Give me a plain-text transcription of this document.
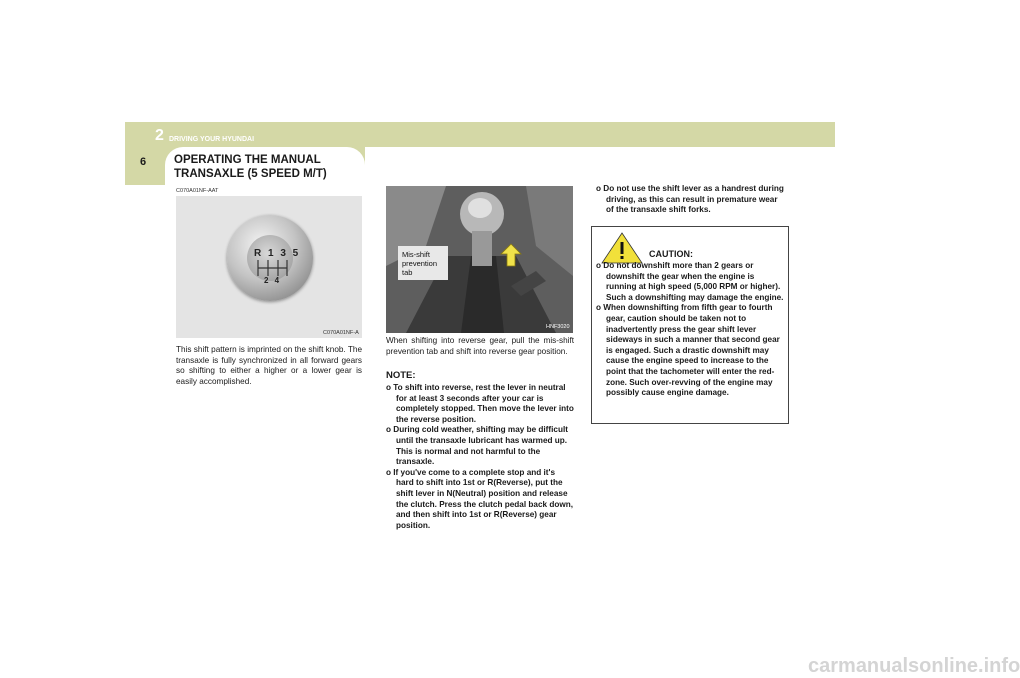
2 DRIVING YOUR HYUNDAI
6 OPERATING THE MANUAL
TRANSAXLE (5 SPEED M/T)
C070A01NF-AAT
R 1 3 5
2 4
C070A01NF-A
This shift pattern is imprinted on the shift knob. The transaxle is fully synchronized in all forward gears so shifting to either a higher or a lower gear is easily accomplished.
Mis-shift
prevention
tab
HNF3020
When shifting into reverse gear, pull the mis-shift prevention tab and shift into reverse gear position.
NOTE:
o To shift into reverse, rest the lever in neutral for at least 3 seconds after your car is completely stopped. Then move the lever into the reverse position.
o During cold weather, shifting may be difficult until the transaxle lubricant has warmed up. This is normal and not harmful to the transaxle.
o If you've come to a complete stop and it's hard to shift into 1st or R(Reverse), put the shift lever in N(Neutral) position and release the clutch. Press the clutch pedal back down, and then shift into 1st or R(Reverse) gear position.
o Do not use the shift lever as a handrest during driving, as this can result in premature wear of the transaxle shift forks.
CAUTION:
o Do not downshift more than 2 gears or downshift the gear when the engine is running at high speed (5,000 RPM or higher). Such a downshifting may damage the engine.
o When downshifting from fifth gear to fourth gear, caution should be taken not to inadvertently press the gear shift lever sideways in such a manner that second gear is engaged. Such a drastic downshift may cause the engine speed to increase to the point that the tachometer will enter the red-zone. Such over-revving of the engine may possibly cause engine damage.
carmanualsonline.info
